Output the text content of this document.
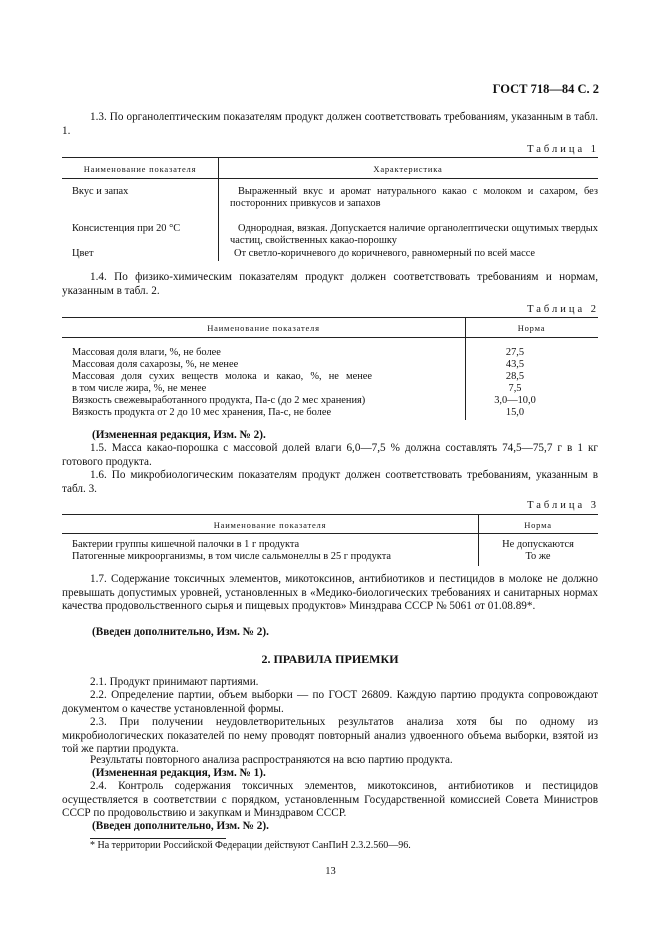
ГОСТ 718—84 С. 2
1.3. По органолептическим показателям продукт должен соответствовать требованиям, указанным в табл. 1.
Таблица 1
Наименование показателя	Характеристика
Вкус и запах	Выраженный вкус и аромат натурального какао с молоком и сахаром, без посторонних привкусов и запахов
Консистенция при 20 °С	Однородная, вязкая. Допускается наличие органолептически ощутимых твердых частиц, свойственных какао-порошку
Цвет	От светло-коричневого до коричневого, равномерный по всей массе
1.4. По физико-химическим показателям продукт должен соответствовать требованиям и нормам, указанным в табл. 2.
Таблица 2
Наименование показателя	Норма
Массовая доля влаги, %, не более	27,5
Массовая доля сахарозы, %, не менее	43,5
Массовая доля сухих веществ молока и какао, %, не менее	28,5
в том числе жира, %, не менее	7,5
Вязкость свежевыработанного продукта, Па-с (до 2 мес хранения)	3,0—10,0
Вязкость продукта от 2 до 10 мес хранения, Па-с, не более	15,0
(Измененная редакция, Изм. № 2).
1.5. Масса какао-порошка с массовой долей влаги 6,0—7,5 % должна составлять 74,5—75,7 г в 1 кг готового продукта.
1.6. По микробиологическим показателям продукт должен соответствовать требованиям, указанным в табл. 3.
Таблица 3
Наименование показателя	Норма
Бактерии группы кишечной палочки в 1 г продукта	Не допускаются
Патогенные микроорганизмы, в том числе сальмонеллы в 25 г продукта	То же
1.7. Содержание токсичных элементов, микотоксинов, антибиотиков и пестицидов в молоке не должно превышать допустимых уровней, установленных в «Медико-биологических требованиях и санитарных нормах качества продовольственного сырья и пищевых продуктов» Минздрава СССР № 5061 от 01.08.89*.
(Введен дополнительно, Изм. № 2).
2. ПРАВИЛА ПРИЕМКИ
2.1. Продукт принимают партиями.
2.2. Определение партии, объем выборки — по ГОСТ 26809. Каждую партию продукта сопровождают документом о качестве установленной формы.
2.3. При получении неудовлетворительных результатов анализа хотя бы по одному из микробиологических показателей по нему проводят повторный анализ удвоенного объема выборки, взятой из той же партии продукта.
Результаты повторного анализа распространяются на всю партию продукта.
(Измененная редакция, Изм. № 1).
2.4. Контроль содержания токсичных элементов, микотоксинов, антибиотиков и пестицидов осуществляется в соответствии с порядком, установленным Государственной комиссией Совета Министров СССР по продовольствию и закупкам и Минздравом СССР.
(Введен дополнительно, Изм. № 2).
* На территории Российской Федерации действуют СанПиН 2.3.2.560—96.
13
